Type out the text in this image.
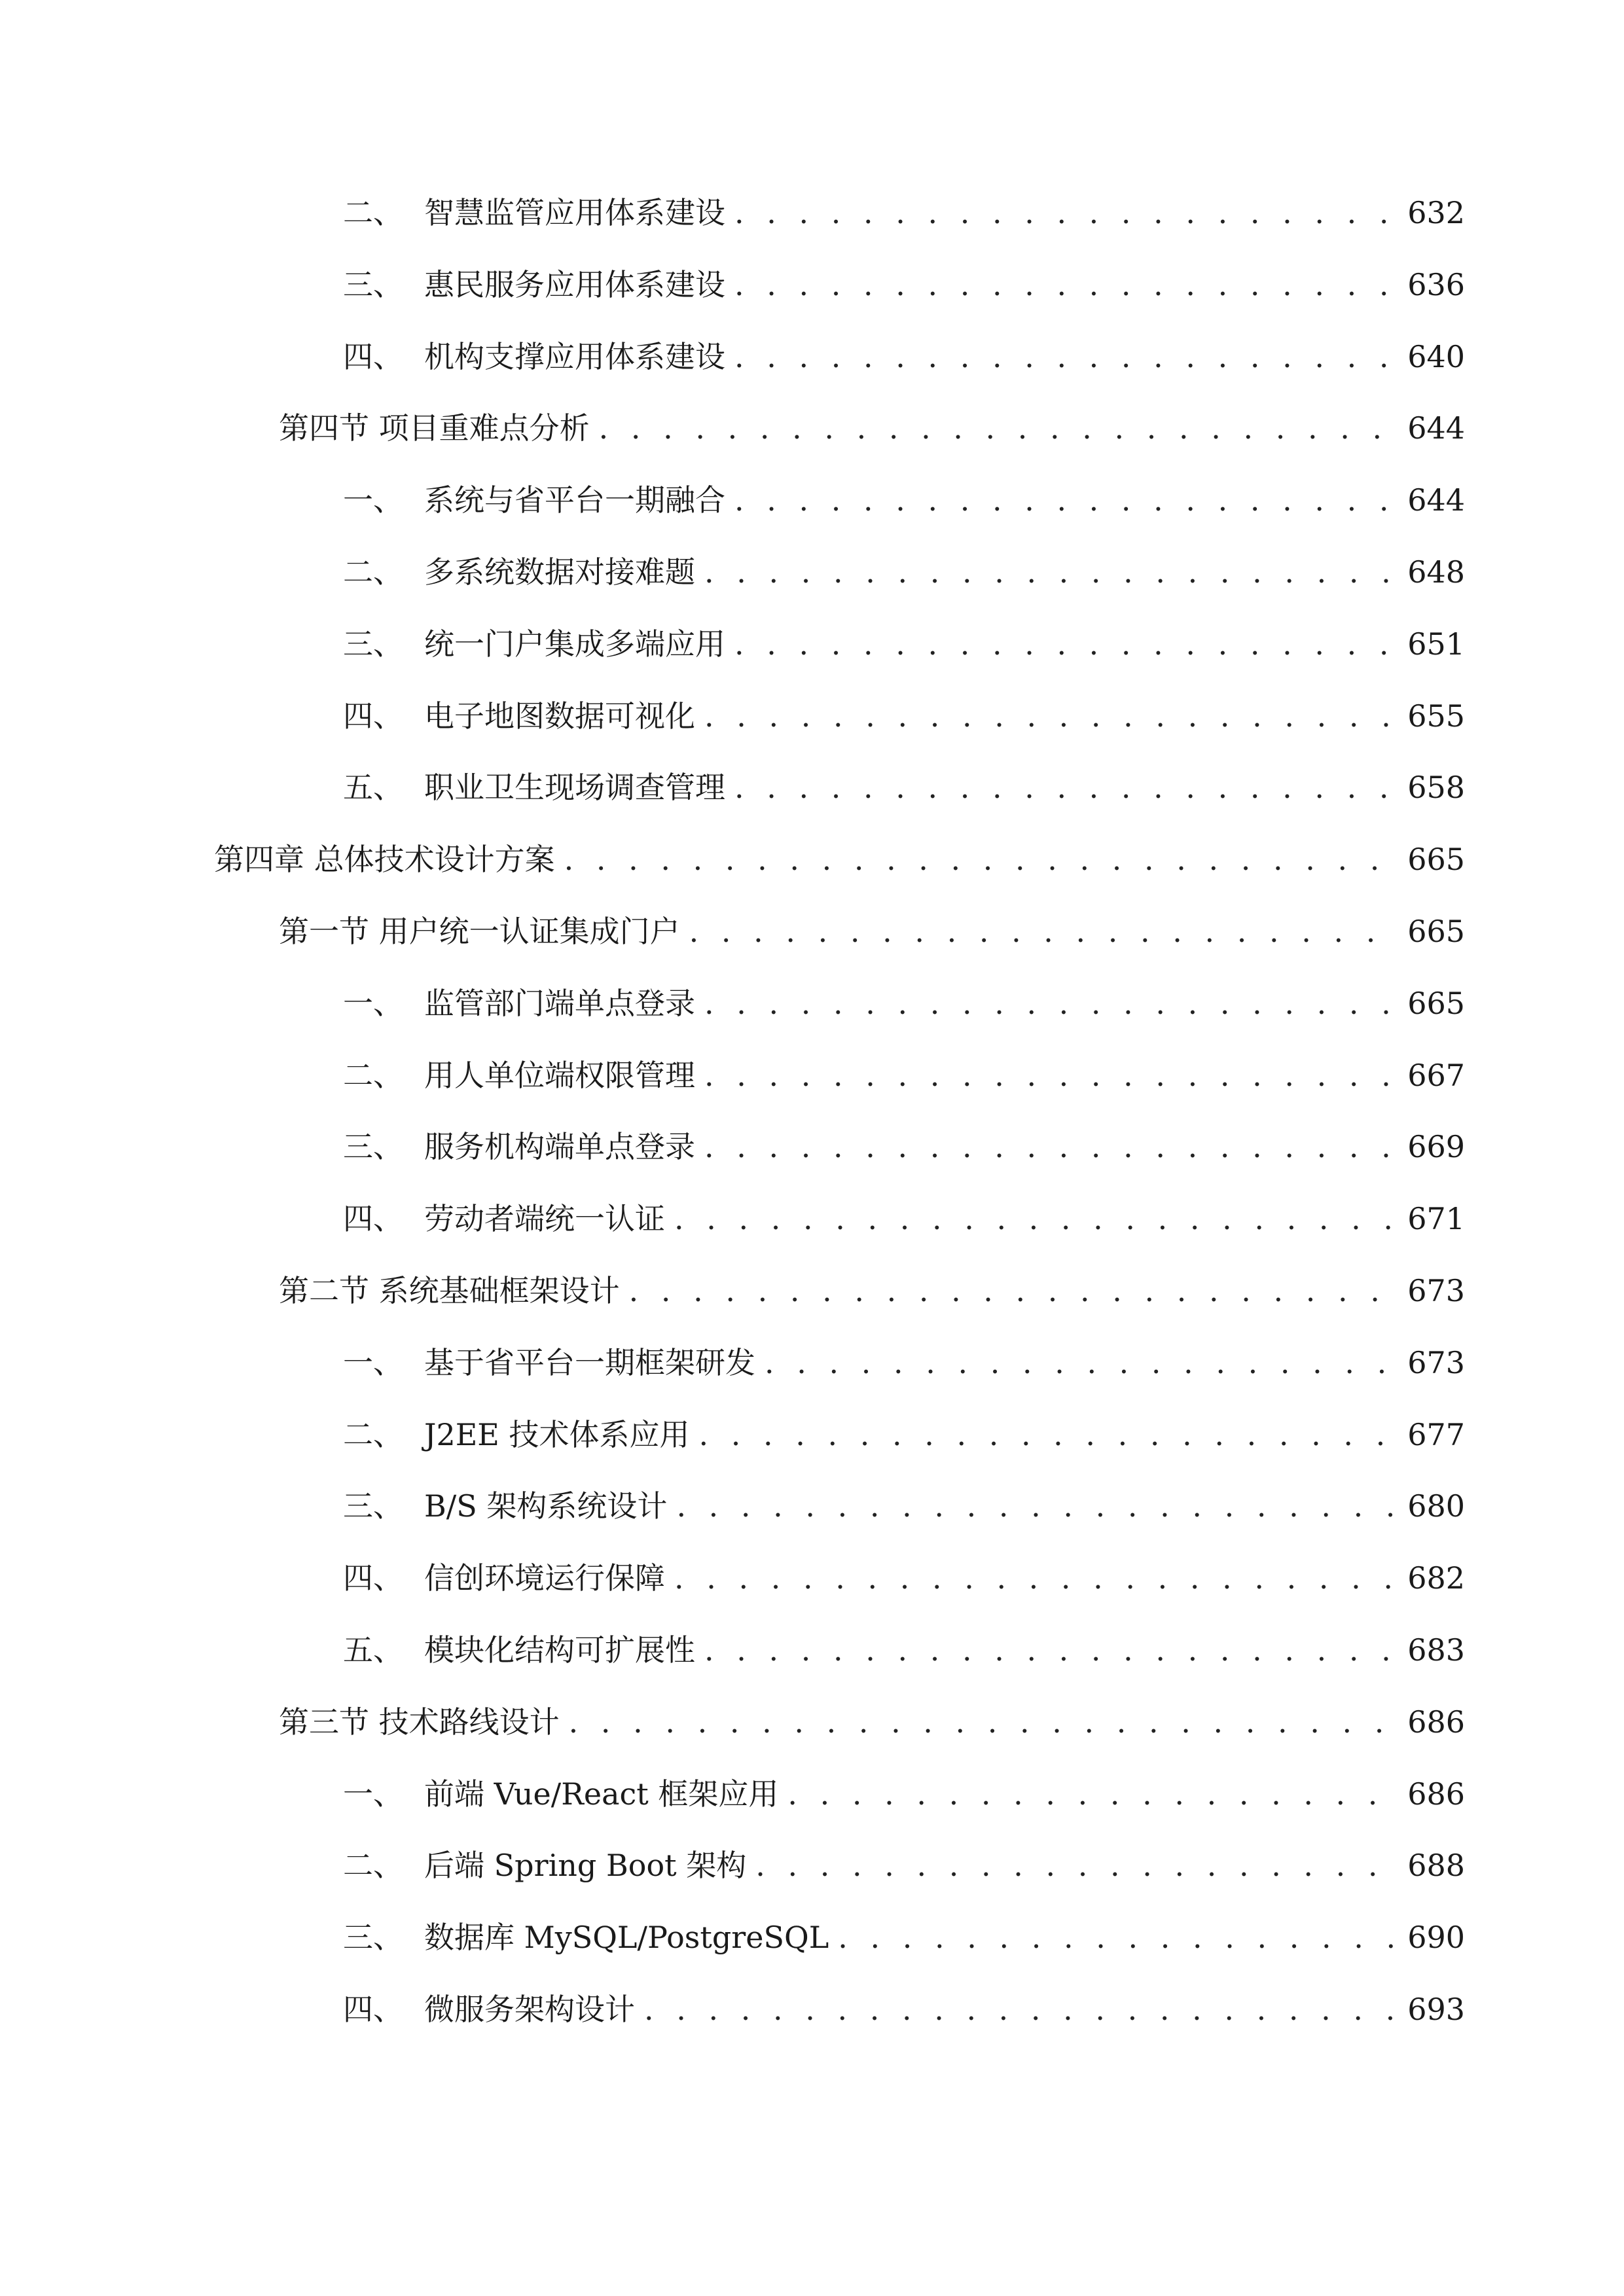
二、 智慧监管应用体系建设 . . .	632
三、 惠民服务应用体系建设 . . .	636
四、 机构支撑应用体系建设 . . .	640
第四节 项目重难点分析 . . .	644
一、 系统与省平台一期融合 . . .	644
二、 多系统数据对接难题 . . .	648
三、 统一门户集成多端应用 . . .	651
四、 电子地图数据可视化 . . .	655
五、 职业卫生现场调查管理 . . .	658
第四章 总体技术设计方案 . . .	665
第一节 用户统一认证集成门户 . . .	665
一、 监管部门端单点登录 . . .	665
二、 用人单位端权限管理 . . .	667
三、 服务机构端单点登录 . . .	669
四、 劳动者端统一认证 . . .	671
第二节 系统基础框架设计 . . .	673
一、 基于省平台一期框架研发 . . .	673
二、 J2EE 技术体系应用 . . .	677
三、 B/S 架构系统设计 . . .	680
四、 信创环境运行保障 . . .	682
五、 模块化结构可扩展性 . . .	683
第三节 技术路线设计 . . .	686
一、 前端 Vue/React 框架应用 . . .	686
二、 后端 Spring Boot 架构 . . .	688
三、 数据库 MySQL/PostgreSQL . . .	690
四、 微服务架构设计 . . .	693
